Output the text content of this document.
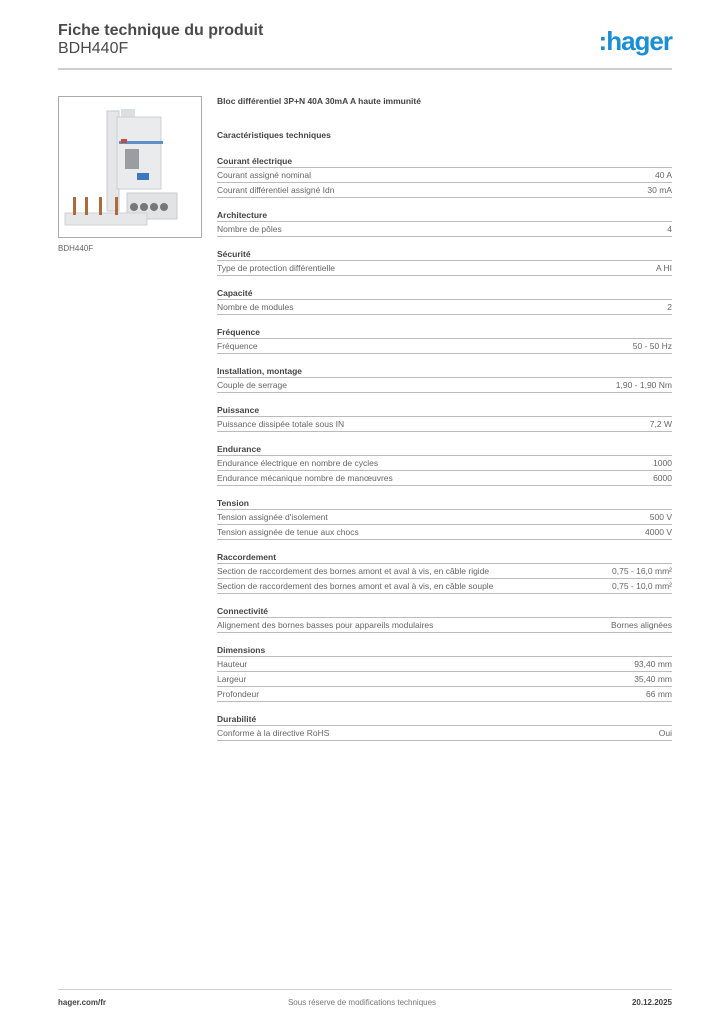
Fiche technique du produit
BDH440F	:hager
BDH440F
Bloc différentiel 3P+N 40A 30mA A haute immunité
Caractéristiques techniques
Courant électrique
Courant assigné nominal	40 A
Courant différentiel assigné Idn	30 mA
Architecture
Nombre de pôles	4
Sécurité
Type de protection différentielle	A HI
Capacité
Nombre de modules	2
Fréquence
Fréquence	50 - 50 Hz
Installation, montage
Couple de serrage	1,90 - 1,90 Nm
Puissance
Puissance dissipée totale sous IN	7,2 W
Endurance
Endurance électrique en nombre de cycles	1000
Endurance mécanique nombre de manœuvres	6000
Tension
Tension assignée d'isolement	500 V
Tension assignée de tenue aux chocs	4000 V
Raccordement
Section de raccordement des bornes amont et aval à vis, en câble rigide	0,75 - 16,0 mm²
Section de raccordement des bornes amont et aval à vis, en câble souple	0,75 - 10,0 mm²
Connectivité
Alignement des bornes basses pour appareils modulaires	Bornes alignées
Dimensions
Hauteur	93,40 mm
Largeur	35,40 mm
Profondeur	66 mm
Durabilité
Conforme à la directive RoHS	Oui
hager.com/fr	Sous réserve de modifications techniques	20.12.2025
